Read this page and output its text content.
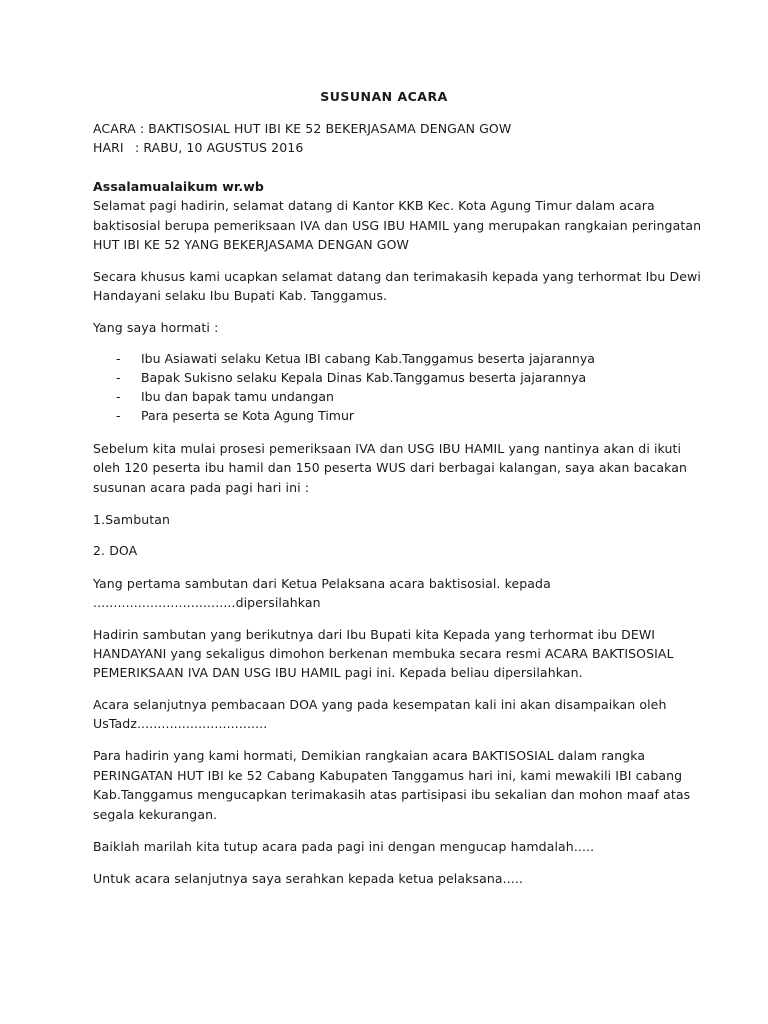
SUSUNAN ACARA
ACARA : BAKTISOSIAL HUT IBI KE 52 BEKERJASAMA DENGAN GOW
HARI : RABU, 10 AGUSTUS 2016
Assalamualaikum wr.wb
Selamat pagi hadirin, selamat datang di Kantor KKB Kec. Kota Agung Timur dalam acara
baktisosial berupa pemeriksaan IVA dan USG IBU HAMIL yang merupakan rangkaian peringatan
HUT IBI KE 52 YANG BEKERJASAMA DENGAN GOW
Secara khusus kami ucapkan selamat datang dan terimakasih kepada yang terhormat Ibu Dewi
Handayani selaku Ibu Bupati Kab. Tanggamus.
Yang saya hormati :
- Ibu Asiawati selaku Ketua IBI cabang Kab.Tanggamus beserta jajarannya
- Bapak Sukisno selaku Kepala Dinas Kab.Tanggamus beserta jajarannya
- Ibu dan bapak tamu undangan
- Para peserta se Kota Agung Timur
Sebelum kita mulai prosesi pemeriksaan IVA dan USG IBU HAMIL yang nantinya akan di ikuti
oleh 120 peserta ibu hamil dan 150 peserta WUS dari berbagai kalangan, saya akan bacakan
susunan acara pada pagi hari ini :
1.Sambutan
2. DOA
Yang pertama sambutan dari Ketua Pelaksana acara baktisosial. kepada
...................................dipersilahkan
Hadirin sambutan yang berikutnya dari Ibu Bupati kita Kepada yang terhormat ibu DEWI
HANDAYANI yang sekaligus dimohon berkenan membuka secara resmi ACARA BAKTISOSIAL
PEMERIKSAAN IVA DAN USG IBU HAMIL pagi ini. Kepada beliau dipersilahkan.
Acara selanjutnya pembacaan DOA yang pada kesempatan kali ini akan disampaikan oleh
UsTadz................................
Para hadirin yang kami hormati, Demikian rangkaian acara BAKTISOSIAL dalam rangka
PERINGATAN HUT IBI ke 52 Cabang Kabupaten Tanggamus hari ini, kami mewakili IBI cabang
Kab.Tanggamus mengucapkan terimakasih atas partisipasi ibu sekalian dan mohon maaf atas
segala kekurangan.
Baiklah marilah kita tutup acara pada pagi ini dengan mengucap hamdalah.....
Untuk acara selanjutnya saya serahkan kepada ketua pelaksana.....
